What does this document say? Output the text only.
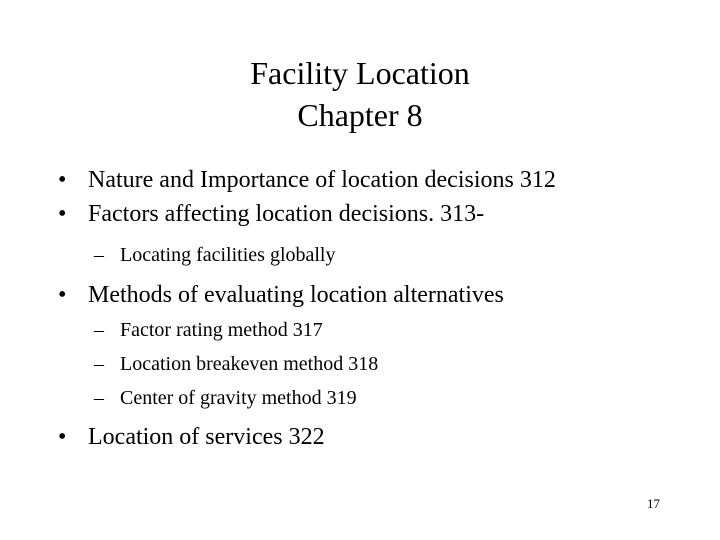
Facility Location
Chapter 8
• Nature and Importance of location decisions 312
• Factors affecting location decisions. 313-
– Locating facilities globally
• Methods of evaluating location alternatives
– Factor rating method 317
– Location breakeven method 318
– Center of gravity method 319
• Location of services 322
17
